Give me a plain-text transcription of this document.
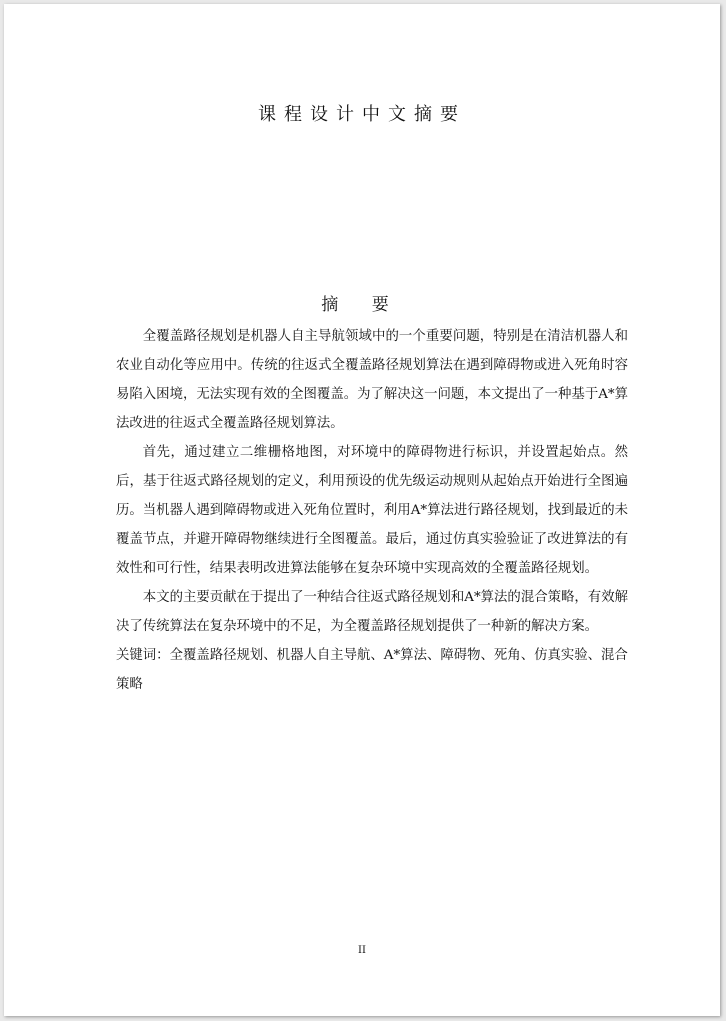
课程设计中文摘要
摘 要

全覆盖路径规划是机器人自主导航领域中的一个重要问题，特别是在清洁机器人和农业自动化等应用中。传统的往返式全覆盖路径规划算法在遇到障碍物或进入死角时容易陷入困境，无法实现有效的全图覆盖。为了解决这一问题，本文提出了一种基于A*算法改进的往返式全覆盖路径规划算法。

首先，通过建立二维栅格地图，对环境中的障碍物进行标识，并设置起始点。然后，基于往返式路径规划的定义，利用预设的优先级运动规则从起始点开始进行全图遍历。当机器人遇到障碍物或进入死角位置时，利用A*算法进行路径规划，找到最近的未覆盖节点，并避开障碍物继续进行全图覆盖。最后，通过仿真实验验证了改进算法的有效性和可行性，结果表明改进算法能够在复杂环境中实现高效的全覆盖路径规划。

本文的主要贡献在于提出了一种结合往返式路径规划和A*算法的混合策略，有效解决了传统算法在复杂环境中的不足，为全覆盖路径规划提供了一种新的解决方案。

关键词：全覆盖路径规划、机器人自主导航、A*算法、障碍物、死角、仿真实验、混合策略

II
